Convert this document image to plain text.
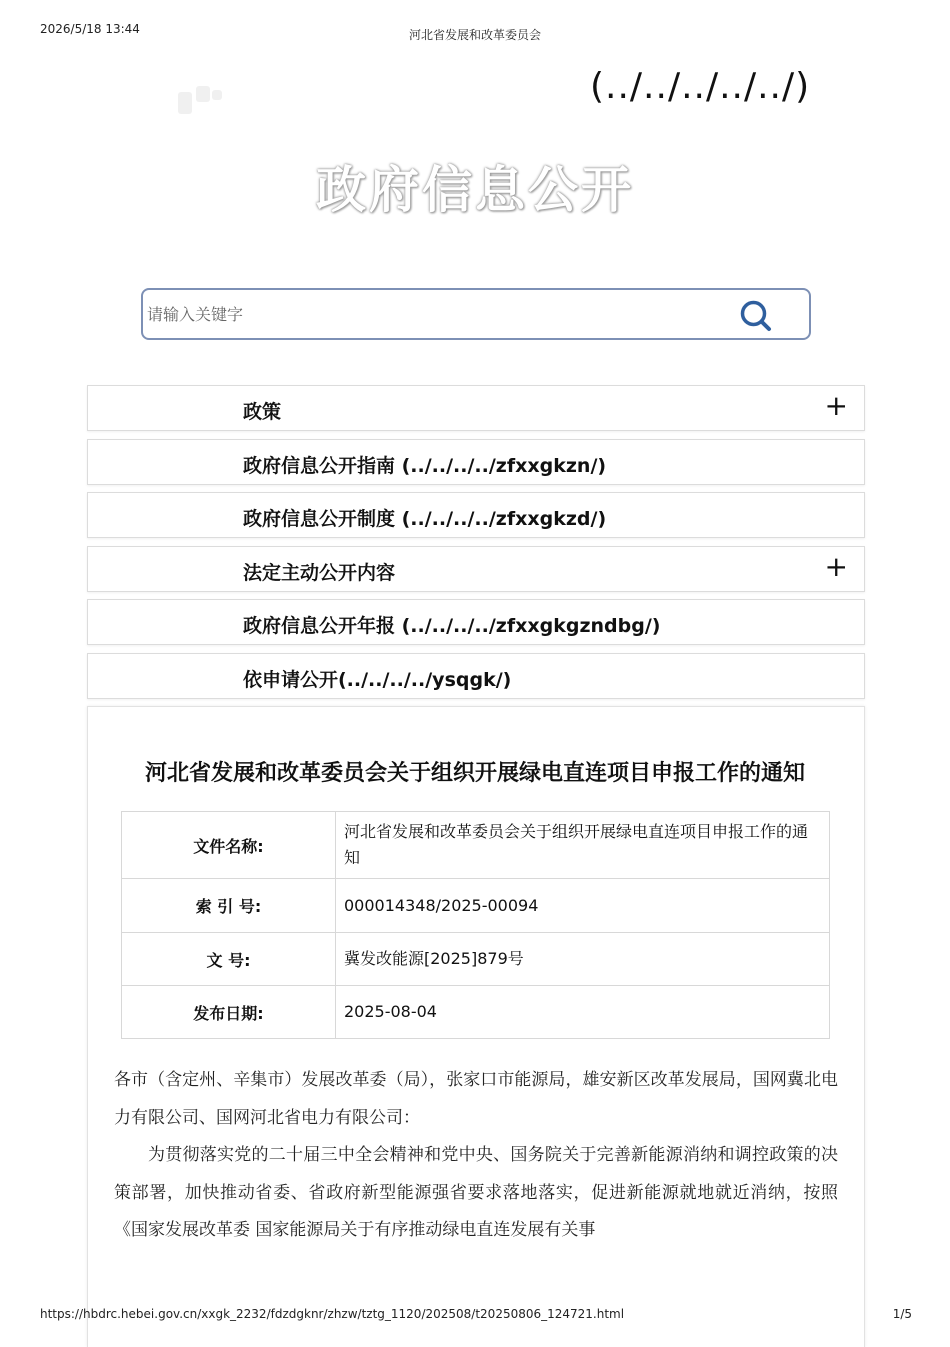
2026/5/18 13:44	河北省发展和改革委员会
(../../../../../)
政府信息公开
请输入关键字
政策	+
政府信息公开指南 (../../../../zfxxgkzn/)
政府信息公开制度 (../../../../zfxxgkzd/)
法定主动公开内容	+
政府信息公开年报 (../../../../zfxxgkgzndbg/)
依申请公开(../../../../ysqgk/)
河北省发展和改革委员会关于组织开展绿电直连项目申报工作的通知
文件名称:	河北省发展和改革委员会关于组织开展绿电直连项目申报工作的通知
索 引 号:	000014348/2025-00094
文 号:	冀发改能源[2025]879号
发布日期:	2025-08-04

各市（含定州、辛集市）发展改革委（局），张家口市能源局，雄安新区改革发展局，国网冀北电力有限公司、国网河北省电力有限公司：

为贯彻落实党的二十届三中全会精神和党中央、国务院关于完善新能源消纳和调控政策的决策部署，加快推动省委、省政府新型能源强省要求落地落实，促进新能源就地就近消纳，按照《国家发展改革委 国家能源局关于有序推动绿电直连发展有关事

https://hbdrc.hebei.gov.cn/xxgk_2232/fdzdgknr/zhzw/tztg_1120/202508/t20250806_124721.html	1/5
